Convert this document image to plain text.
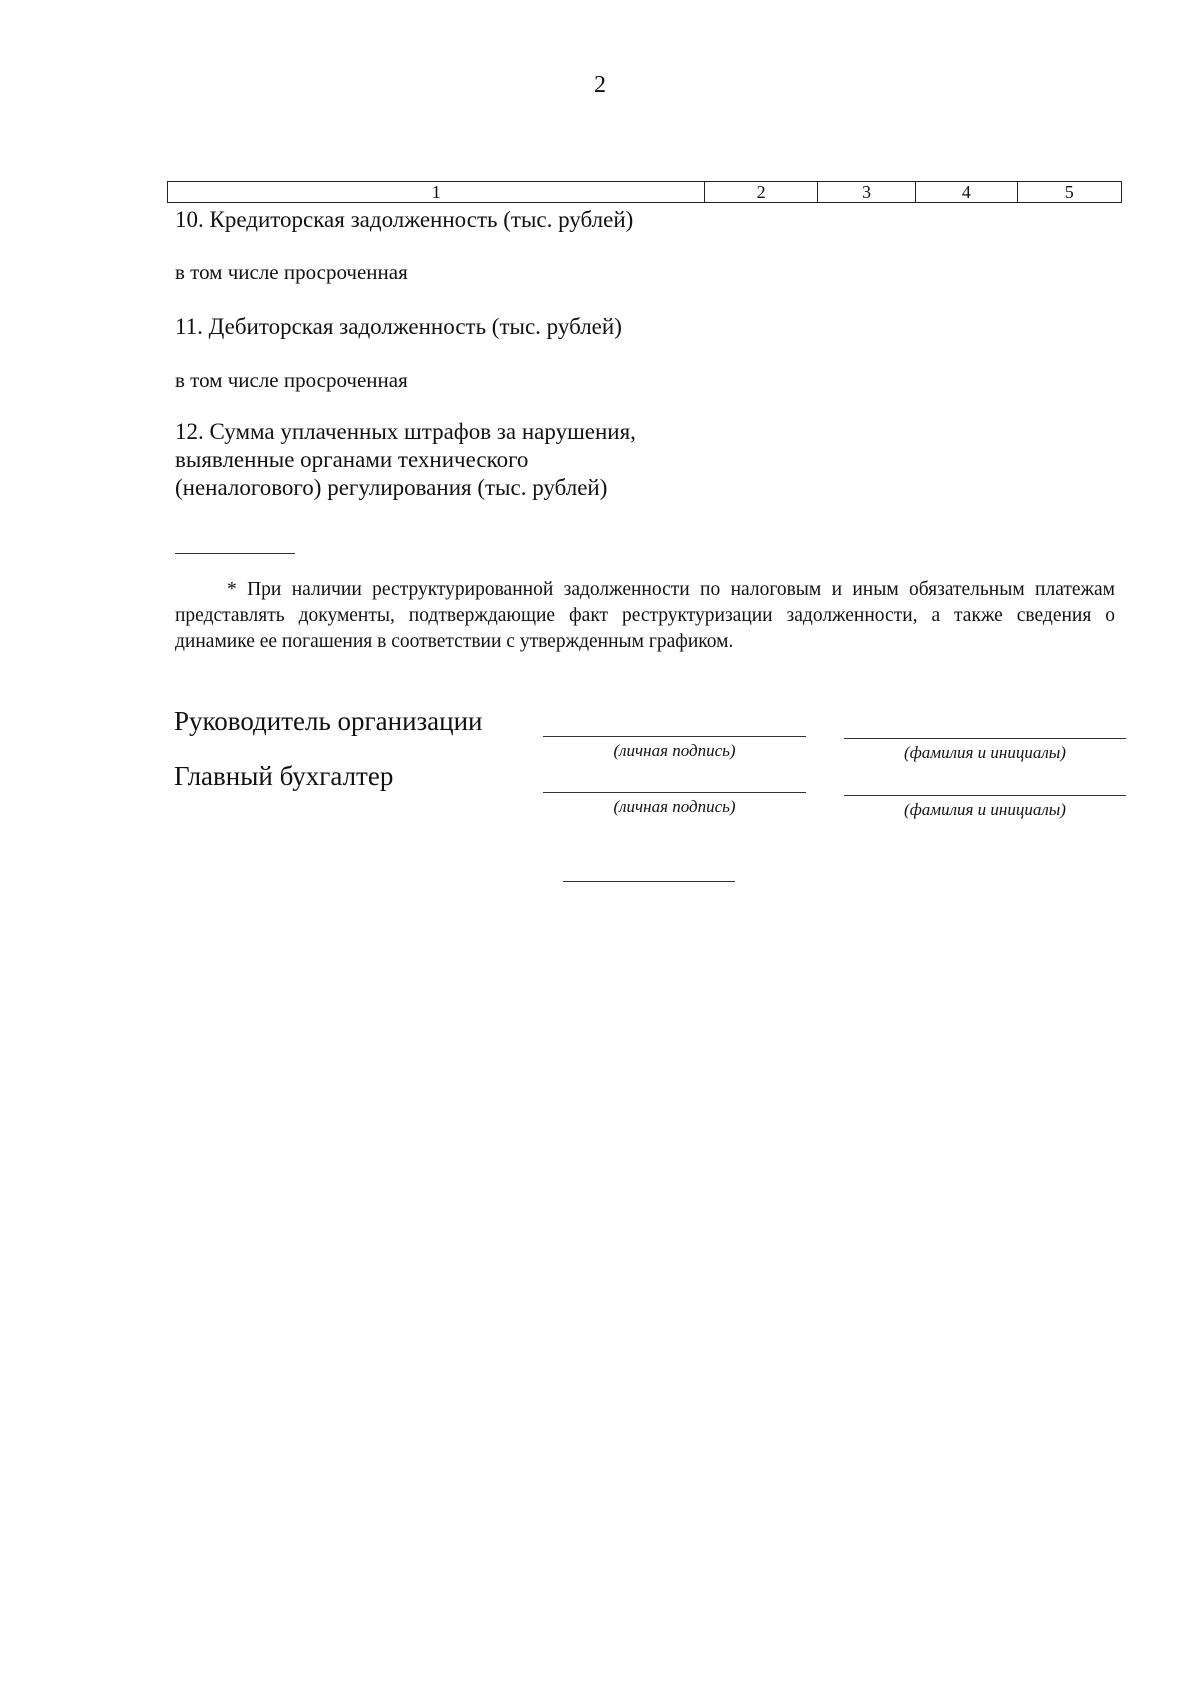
2
1	2	3	4	5
10. Кредиторская задолженность (тыс. рублей)
в том числе просроченная
11. Дебиторская задолженность (тыс. рублей)
в том числе просроченная
12. Сумма уплаченных штрафов за нарушения,
выявленные органами технического
(неналогового) регулирования (тыс. рублей)
* При наличии реструктурированной задолженности по налоговым и иным обязательным платежам представлять документы, подтверждающие факт реструктуризации задолженности, а также сведения о динамике ее погашения в соответствии с утвержденным графиком.
Руководитель организации
(личная подпись)	(фамилия и инициалы)
Главный бухгалтер
(личная подпись)	(фамилия и инициалы)
